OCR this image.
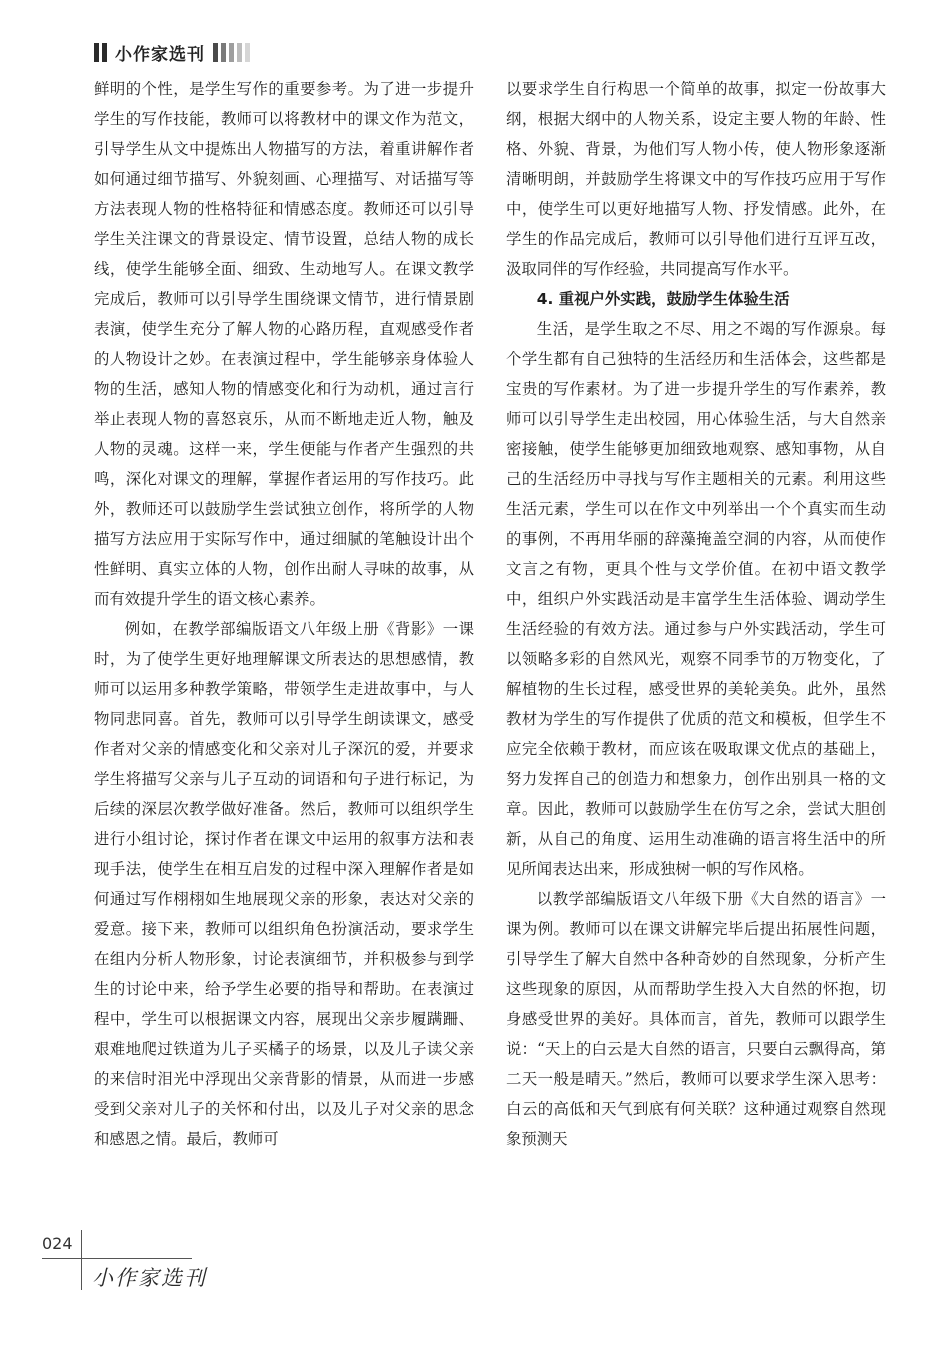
小作家选刊

鲜明的个性，是学生写作的重要参考。为了进一步提升学生的写作技能，教师可以将教材中的课文作为范文，引导学生从文中提炼出人物描写的方法，着重讲解作者如何通过细节描写、外貌刻画、心理描写、对话描写等方法表现人物的性格特征和情感态度。教师还可以引导学生关注课文的背景设定、情节设置，总结人物的成长线，使学生能够全面、细致、生动地写人。在课文教学完成后，教师可以引导学生围绕课文情节，进行情景剧表演，使学生充分了解人物的心路历程，直观感受作者的人物设计之妙。在表演过程中，学生能够亲身体验人物的生活，感知人物的情感变化和行为动机，通过言行举止表现人物的喜怒哀乐，从而不断地走近人物，触及人物的灵魂。这样一来，学生便能与作者产生强烈的共鸣，深化对课文的理解，掌握作者运用的写作技巧。此外，教师还可以鼓励学生尝试独立创作，将所学的人物描写方法应用于实际写作中，通过细腻的笔触设计出个性鲜明、真实立体的人物，创作出耐人寻味的故事，从而有效提升学生的语文核心素养。

例如，在教学部编版语文八年级上册《背影》一课时，为了使学生更好地理解课文所表达的思想感情，教师可以运用多种教学策略，带领学生走进故事中，与人物同悲同喜。首先，教师可以引导学生朗读课文，感受作者对父亲的情感变化和父亲对儿子深沉的爱，并要求学生将描写父亲与儿子互动的词语和句子进行标记，为后续的深层次教学做好准备。然后，教师可以组织学生进行小组讨论，探讨作者在课文中运用的叙事方法和表现手法，使学生在相互启发的过程中深入理解作者是如何通过写作栩栩如生地展现父亲的形象，表达对父亲的爱意。接下来，教师可以组织角色扮演活动，要求学生在组内分析人物形象，讨论表演细节，并积极参与到学生的讨论中来，给予学生必要的指导和帮助。在表演过程中，学生可以根据课文内容，展现出父亲步履蹒跚、艰难地爬过铁道为儿子买橘子的场景，以及儿子读父亲的来信时泪光中浮现出父亲背影的情景，从而进一步感受到父亲对儿子的关怀和付出，以及儿子对父亲的思念和感恩之情。最后，教师可

以要求学生自行构思一个简单的故事，拟定一份故事大纲，根据大纲中的人物关系，设定主要人物的年龄、性格、外貌、背景，为他们写人物小传，使人物形象逐渐清晰明朗，并鼓励学生将课文中的写作技巧应用于写作中，使学生可以更好地描写人物、抒发情感。此外，在学生的作品完成后，教师可以引导他们进行互评互改，汲取同伴的写作经验，共同提高写作水平。

4. 重视户外实践，鼓励学生体验生活

生活，是学生取之不尽、用之不竭的写作源泉。每个学生都有自己独特的生活经历和生活体会，这些都是宝贵的写作素材。为了进一步提升学生的写作素养，教师可以引导学生走出校园，用心体验生活，与大自然亲密接触，使学生能够更加细致地观察、感知事物，从自己的生活经历中寻找与写作主题相关的元素。利用这些生活元素，学生可以在作文中列举出一个个真实而生动的事例，不再用华丽的辞藻掩盖空洞的内容，从而使作文言之有物，更具个性与文学价值。在初中语文教学中，组织户外实践活动是丰富学生生活体验、调动学生生活经验的有效方法。通过参与户外实践活动，学生可以领略多彩的自然风光，观察不同季节的万物变化，了解植物的生长过程，感受世界的美轮美奂。此外，虽然教材为学生的写作提供了优质的范文和模板，但学生不应完全依赖于教材，而应该在吸取课文优点的基础上，努力发挥自己的创造力和想象力，创作出别具一格的文章。因此，教师可以鼓励学生在仿写之余，尝试大胆创新，从自己的角度、运用生动准确的语言将生活中的所见所闻表达出来，形成独树一帜的写作风格。

以教学部编版语文八年级下册《大自然的语言》一课为例。教师可以在课文讲解完毕后提出拓展性问题，引导学生了解大自然中各种奇妙的自然现象，分析产生这些现象的原因，从而帮助学生投入大自然的怀抱，切身感受世界的美好。具体而言，首先，教师可以跟学生说：“天上的白云是大自然的语言，只要白云飘得高，第二天一般是晴天。”然后，教师可以要求学生深入思考：白云的高低和天气到底有何关联？这种通过观察自然现象预测天

024
小作家选刊
